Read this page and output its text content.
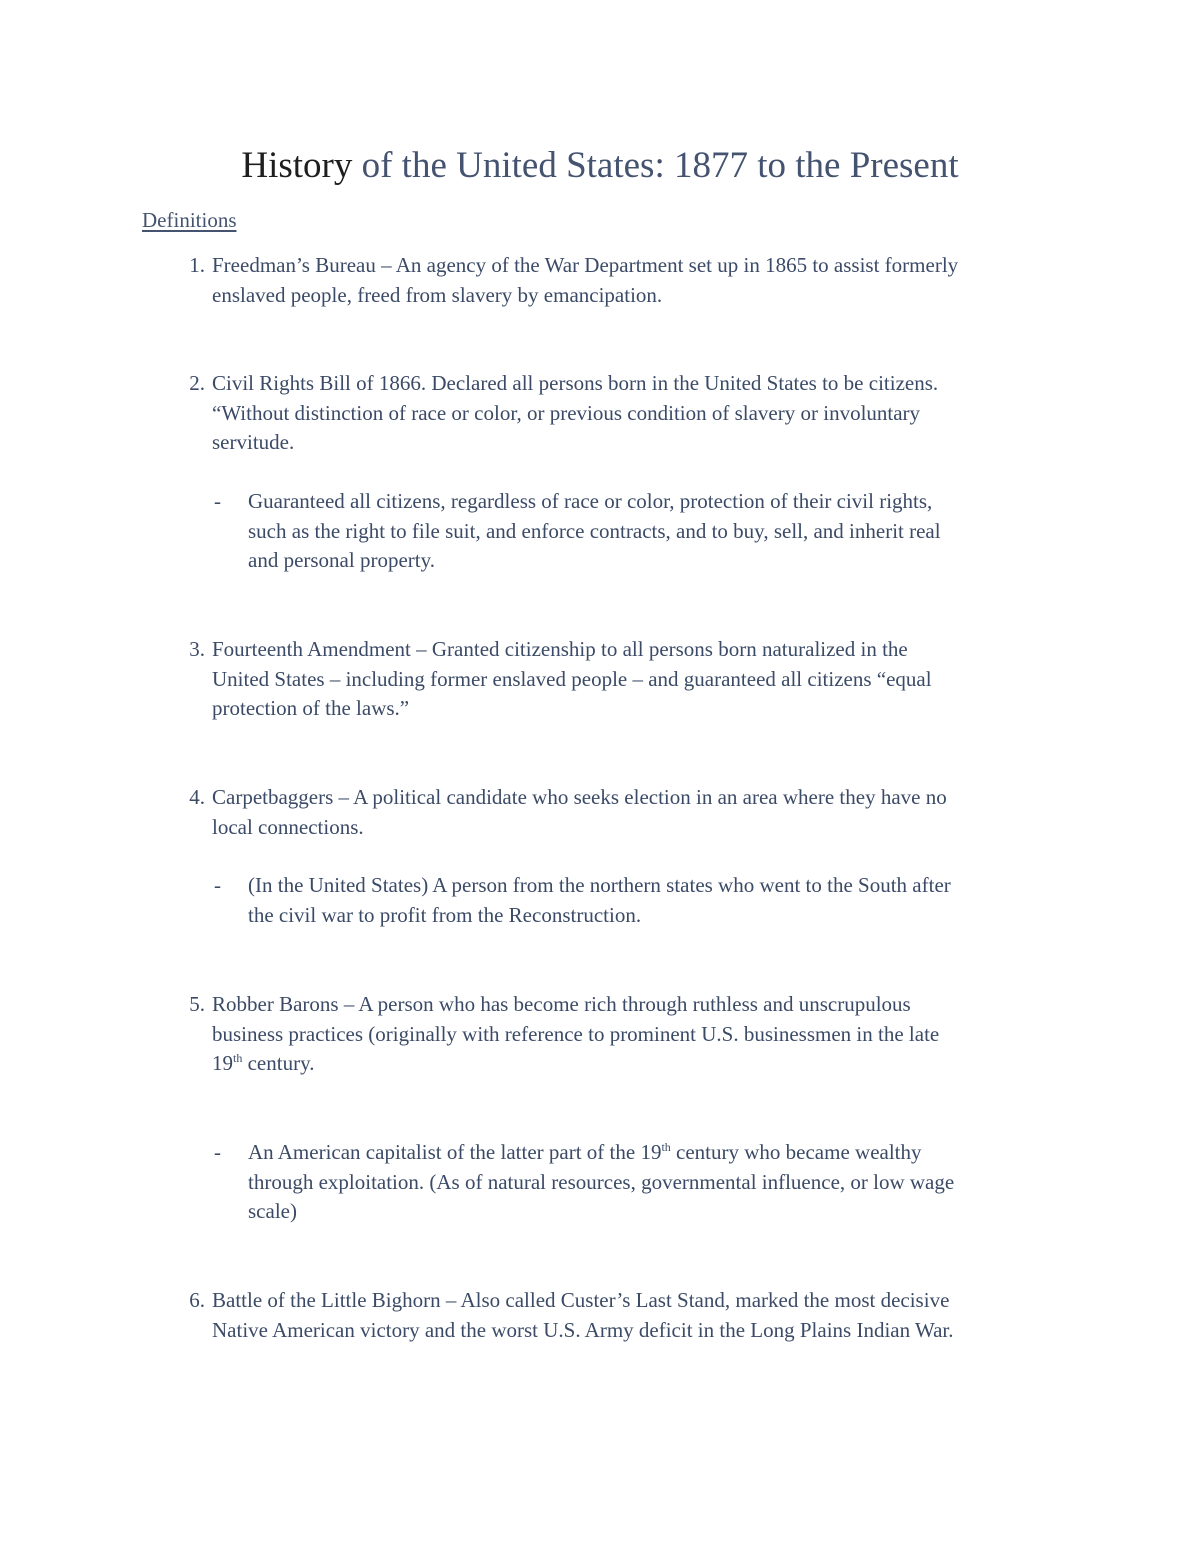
History of the United States: 1877 to the Present
Definitions
1. Freedman’s Bureau – An agency of the War Department set up in 1865 to assist formerly
enslaved people, freed from slavery by emancipation.
2. Civil Rights Bill of 1866. Declared all persons born in the United States to be citizens.
“Without distinction of race or color, or previous condition of slavery or involuntary
servitude.
- Guaranteed all citizens, regardless of race or color, protection of their civil rights,
such as the right to file suit, and enforce contracts, and to buy, sell, and inherit real
and personal property.
3. Fourteenth Amendment – Granted citizenship to all persons born naturalized in the
United States – including former enslaved people – and guaranteed all citizens “equal
protection of the laws.”
4. Carpetbaggers – A political candidate who seeks election in an area where they have no
local connections.
- (In the United States) A person from the northern states who went to the South after
the civil war to profit from the Reconstruction.
5. Robber Barons – A person who has become rich through ruthless and unscrupulous
business practices (originally with reference to prominent U.S. businessmen in the late
19th century.
- An American capitalist of the latter part of the 19th century who became wealthy
through exploitation. (As of natural resources, governmental influence, or low wage
scale)
6. Battle of the Little Bighorn – Also called Custer’s Last Stand, marked the most decisive
Native American victory and the worst U.S. Army deficit in the Long Plains Indian War.
